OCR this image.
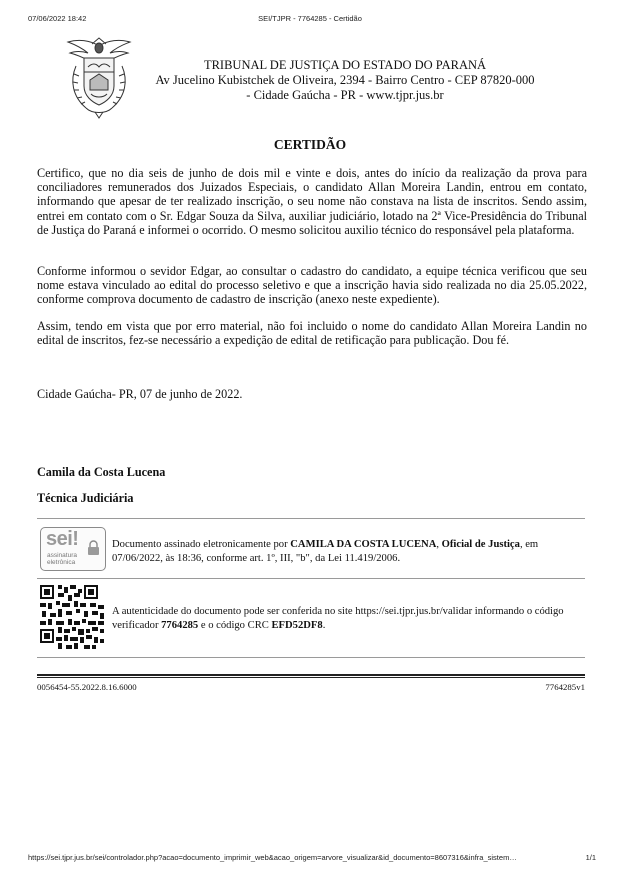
07/06/2022 18:42	SEI/TJPR - 7764285 - Certidão
TRIBUNAL DE JUSTIÇA DO ESTADO DO PARANÁ
Av Jucelino Kubistchek de Oliveira, 2394 - Bairro Centro - CEP 87820-000
- Cidade Gaúcha - PR - www.tjpr.jus.br
CERTIDÃO
Certifico, que no dia seis de junho de dois mil e vinte e dois, antes do início da realização da prova para conciliadores remunerados dos Juizados Especiais, o candidato Allan Moreira Landin, entrou em contato, informando que apesar de ter realizado inscrição, o seu nome não constava na lista de inscritos. Sendo assim, entrei em contato com o Sr. Edgar Souza da Silva, auxiliar judiciário, lotado na 2ª Vice-Presidência do Tribunal de Justiça do Paraná e informei o ocorrido. O mesmo solicitou auxilio técnico do responsável pela plataforma.
Conforme informou o sevidor Edgar, ao consultar o cadastro do candidato, a equipe técnica verificou que seu nome estava vinculado ao edital do processo seletivo e que a inscrição havia sido realizada no dia 25.05.2022, conforme comprova documento de cadastro de inscrição (anexo neste expediente).
Assim, tendo em vista que por erro material, não foi incluido o nome do candidato Allan Moreira Landin no edital de inscritos, fez-se necessário a expedição de edital de retificação para publicação. Dou fé.
Cidade Gaúcha- PR, 07 de junho de 2022.
Camila da Costa Lucena
Técnica Judiciária
sei!
assinatura
eletrônica
Documento assinado eletronicamente por CAMILA DA COSTA LUCENA, Oficial de Justiça, em 07/06/2022, às 18:36, conforme art. 1º, III, "b", da Lei 11.419/2006.
A autenticidade do documento pode ser conferida no site https://sei.tjpr.jus.br/validar informando o código verificador 7764285 e o código CRC EFD52DF8.
0056454-55.2022.8.16.6000	7764285v1
https://sei.tjpr.jus.br/sei/controlador.php?acao=documento_imprimir_web&acao_origem=arvore_visualizar&id_documento=8607316&infra_sistem…	1/1
